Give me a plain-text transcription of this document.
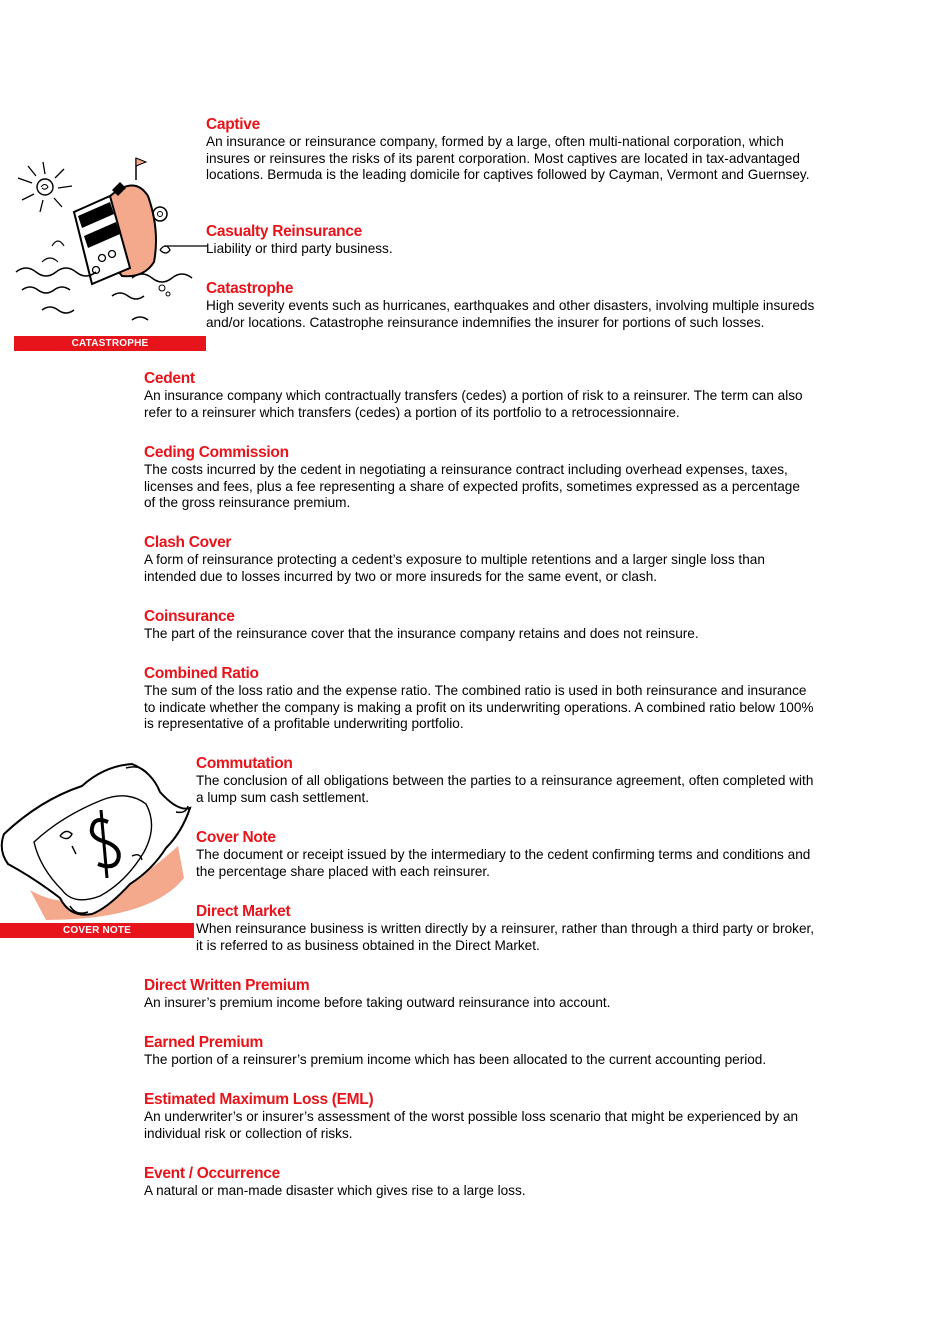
CATASTROPHE
COVER NOTE
Captive
An insurance or reinsurance company, formed by a large, often multi-national corporation, which insures or reinsures the risks of its parent corporation. Most captives are located in tax-advantaged locations. Bermuda is the leading domicile for captives followed by Cayman, Vermont and Guernsey.
Casualty Reinsurance
Liability or third party business.
Catastrophe
High severity events such as hurricanes, earthquakes and other disasters, involving multiple insureds and/or locations. Catastrophe reinsurance indemnifies the insurer for portions of such losses.
Cedent
An insurance company which contractually transfers (cedes) a portion of risk to a reinsurer. The term can also refer to a reinsurer which transfers (cedes) a portion of its portfolio to a retrocessionnaire.
Ceding Commission
The costs incurred by the cedent in negotiating a reinsurance contract including overhead expenses, taxes, licenses and fees, plus a fee representing a share of expected profits, sometimes expressed as a percentage of the gross reinsurance premium.
Clash Cover
A form of reinsurance protecting a cedent’s exposure to multiple retentions and a larger single loss than intended due to losses incurred by two or more insureds for the same event, or clash.
Coinsurance
The part of the reinsurance cover that the insurance company retains and does not reinsure.
Combined Ratio
The sum of the loss ratio and the expense ratio. The combined ratio is used in both reinsurance and insurance to indicate whether the company is making a profit on its underwriting operations. A combined ratio below 100% is representative of a profitable underwriting portfolio.
Commutation
The conclusion of all obligations between the parties to a reinsurance agreement, often completed with a lump sum cash settlement.
Cover Note
The document or receipt issued by the intermediary to the cedent confirming terms and conditions and the percentage share placed with each reinsurer.
Direct Market
When reinsurance business is written directly by a reinsurer, rather than through a third party or broker, it is referred to as business obtained in the Direct Market.
Direct Written Premium
An insurer’s premium income before taking outward reinsurance into account.
Earned Premium
The portion of a reinsurer’s premium income which has been allocated to the current accounting period.
Estimated Maximum Loss (EML)
An underwriter’s or insurer’s assessment of the worst possible loss scenario that might be experienced by an individual risk or collection of risks.
Event / Occurrence
A natural or man-made disaster which gives rise to a large loss.
